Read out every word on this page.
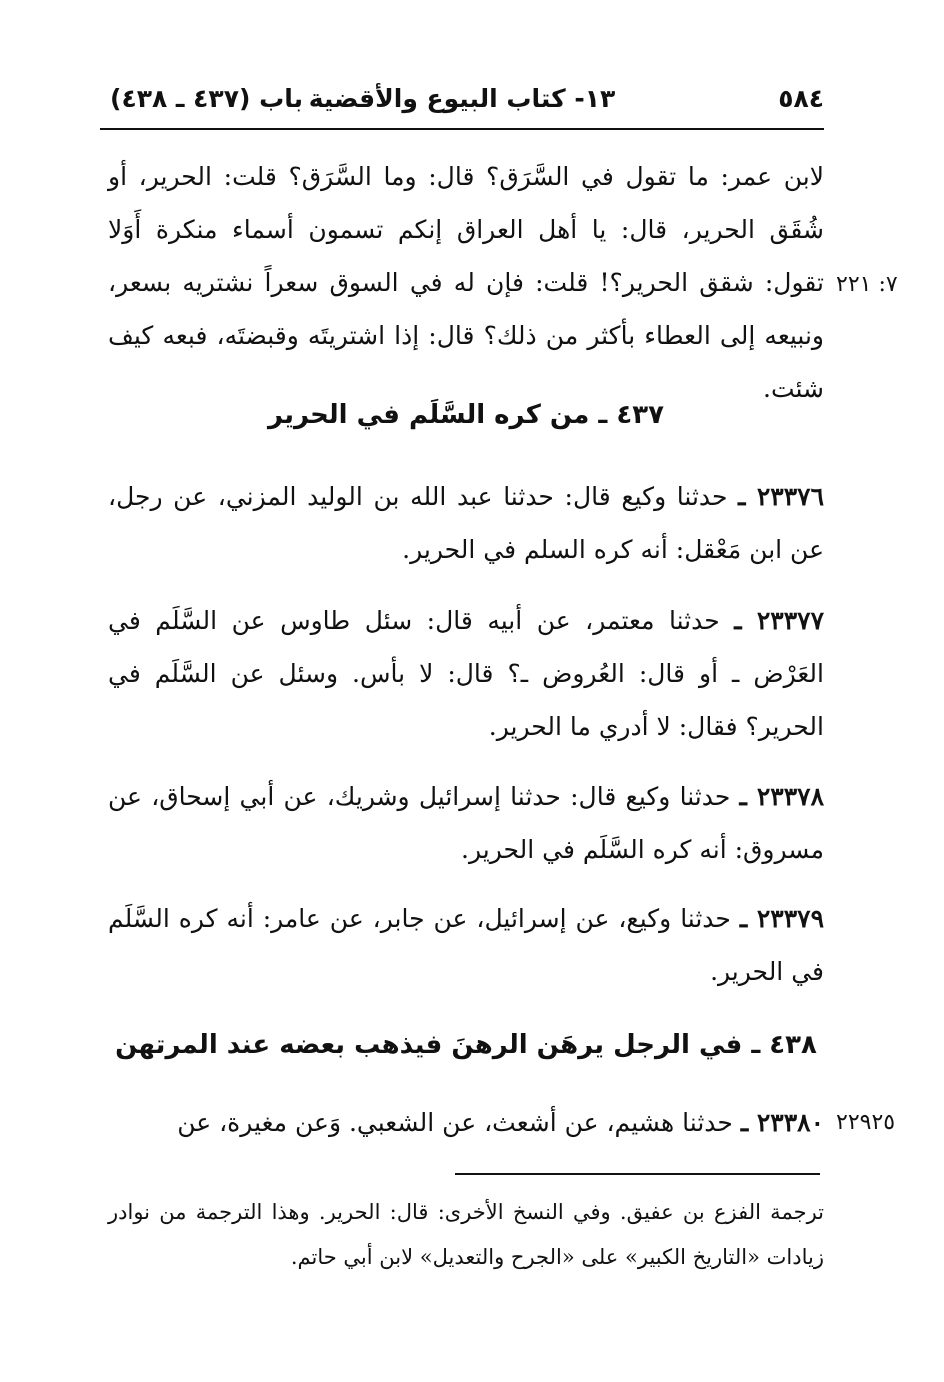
٥٨٤
١٣- كتاب البيوع والأقضية
باب (٤٣٧ ـ ٤٣٨)

لابن عمر: ما تقول في السَّرَق؟ قال: وما السَّرَق؟ قلت: الحرير، أو شُقَق الحرير، قال: يا أهل العراق إنكم تسمون أسماء منكرة أَوَلا تقول: شقق الحرير؟! قلت: فإن له في السوق سعراً نشتريه بسعر، ونبيعه إلى العطاء بأكثر من ذلك؟ قال: إذا اشتريتَه وقبضتَه، فبعه كيف شئت.

٧: ٢٢١
٤٣٧ ـ من كره السَّلَم في الحرير

٢٣٣٧٦ ـ حدثنا وكيع قال: حدثنا عبد الله بن الوليد المزني، عن رجل، عن ابن مَعْقل: أنه كره السلم في الحرير.

٢٣٣٧٧ ـ حدثنا معتمر، عن أبيه قال: سئل طاوس عن السَّلَم في العَرْض ـ أو قال: العُروض ـ؟ قال: لا بأس. وسئل عن السَّلَم في الحرير؟ فقال: لا أدري ما الحرير.

٢٣٣٧٨ ـ حدثنا وكيع قال: حدثنا إسرائيل وشريك، عن أبي إسحاق، عن مسروق: أنه كره السَّلَم في الحرير.

٢٣٣٧٩ ـ حدثنا وكيع، عن إسرائيل، عن جابر، عن عامر: أنه كره السَّلَم في الحرير.

٤٣٨ ـ في الرجل يرهَن الرهنَ فيذهب بعضه عند المرتهن

٢٣٣٨٠ ـ حدثنا هشيم، عن أشعث، عن الشعبي. وَعن مغيرة، عن	٢٢٩٢٥

ترجمة الفزع بن عفيق. وفي النسخ الأخرى: قال: الحرير. وهذا الترجمة من نوادر زيادات «التاريخ الكبير» على «الجرح والتعديل» لابن أبي حاتم.
